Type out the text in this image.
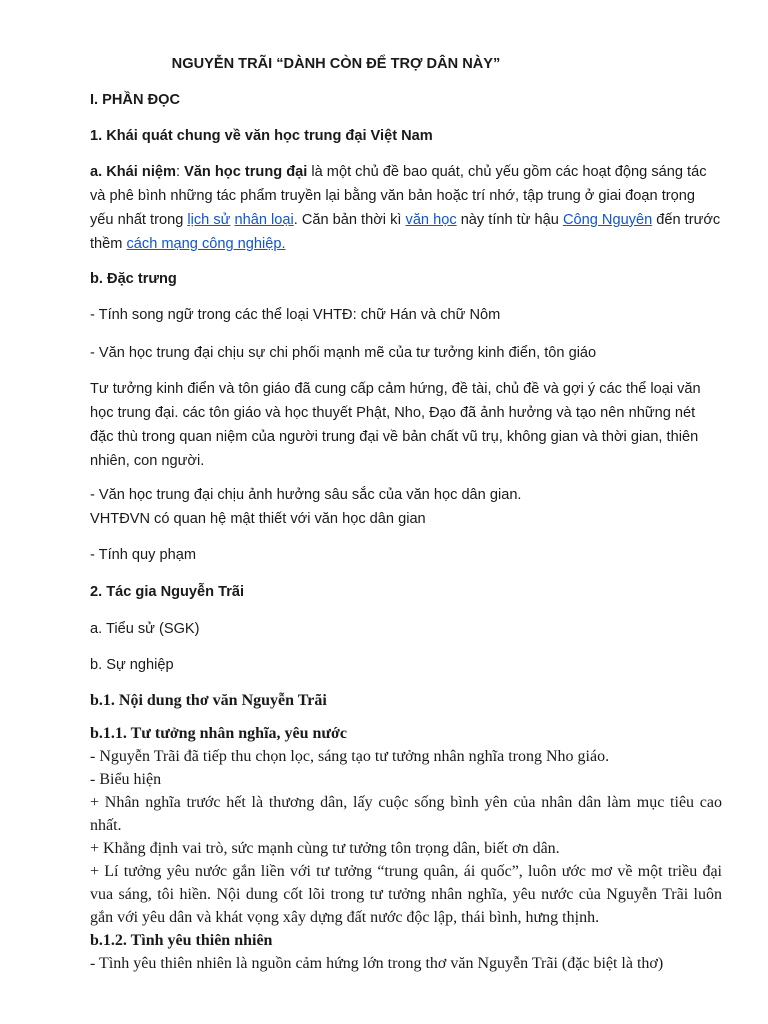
NGUYỄN TRÃI “DÀNH CÒN ĐỂ TRỢ DÂN NÀY”

I. PHẦN ĐỌC

1. Khái quát chung về văn học trung đại Việt Nam

a. Khái niệm: Văn học trung đại là một chủ đề bao quát, chủ yếu gồm các hoạt động sáng tác và phê bình những tác phẩm truyền lại bằng văn bản hoặc trí nhớ, tập trung ở giai đoạn trọng yếu nhất trong lịch sử nhân loại. Căn bản thời kì văn học này tính từ hậu Công Nguyên đến trước thềm cách mạng công nghiệp.

b. Đặc trưng

- Tính song ngữ trong các thể loại VHTĐ: chữ Hán và chữ Nôm

- Văn học trung đại chịu sự chi phối mạnh mẽ của tư tưởng kinh điển, tôn giáo

Tư tưởng kinh điển và tôn giáo đã cung cấp cảm hứng, đề tài, chủ đề và gợi ý các thể loại văn học trung đại. các tôn giáo và học thuyết Phật, Nho, Đạo đã ảnh hưởng và tạo nên những nét đặc thù trong quan niệm của người trung đại về bản chất vũ trụ, không gian và thời gian, thiên nhiên, con người.

- Văn học trung đại chịu ảnh hưởng sâu sắc của văn học dân gian.
VHTĐVN có quan hệ mật thiết với văn học dân gian

- Tính quy phạm

2. Tác gia Nguyễn Trãi

a. Tiểu sử (SGK)

b. Sự nghiệp

b.1. Nội dung thơ văn Nguyễn Trãi

b.1.1. Tư tưởng nhân nghĩa, yêu nước
- Nguyễn Trãi đã tiếp thu chọn lọc, sáng tạo tư tưởng nhân nghĩa trong Nho giáo.
- Biểu hiện
+ Nhân nghĩa trước hết là thương dân, lấy cuộc sống bình yên của nhân dân làm mục tiêu cao nhất.
+ Khẳng định vai trò, sức mạnh cùng tư tưởng tôn trọng dân, biết ơn dân.
+ Lí tưởng yêu nước gắn liền với tư tưởng “trung quân, ái quốc”, luôn ước mơ về một triều đại vua sáng, tôi hiền. Nội dung cốt lõi trong tư tưởng nhân nghĩa, yêu nước của Nguyễn Trãi luôn gắn với yêu dân và khát vọng xây dựng đất nước độc lập, thái bình, hưng thịnh.
b.1.2. Tình yêu thiên nhiên
- Tình yêu thiên nhiên là nguồn cảm hứng lớn trong thơ văn Nguyễn Trãi (đặc biệt là thơ)
